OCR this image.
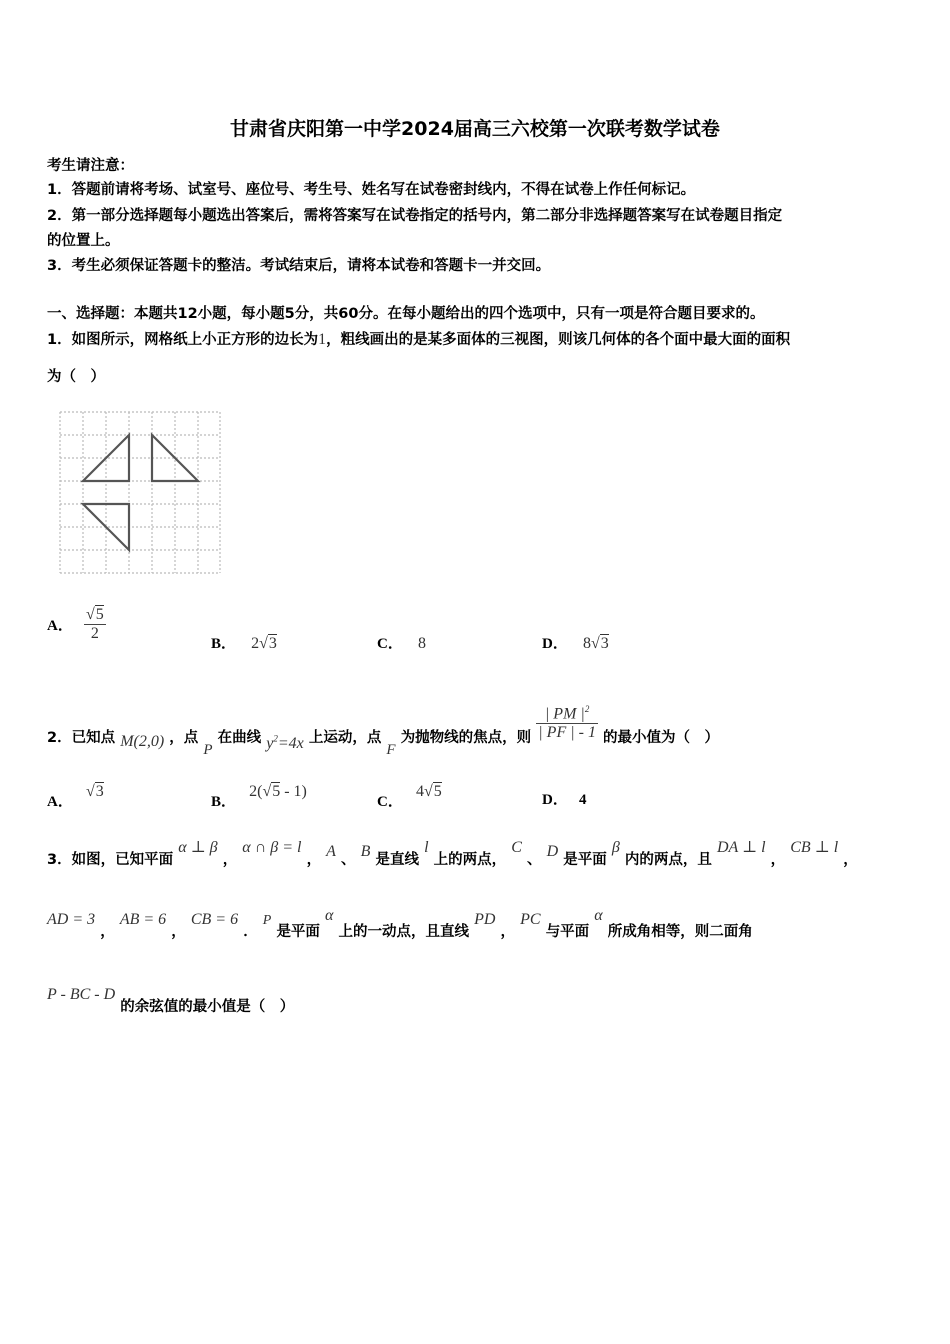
甘肃省庆阳第一中学2024届高三六校第一次联考数学试卷
考生请注意：
1．答题前请将考场、试室号、座位号、考生号、姓名写在试卷密封线内，不得在试卷上作任何标记。
2．第一部分选择题每小题选出答案后，需将答案写在试卷指定的括号内，第二部分非选择题答案写在试卷题目指定
的位置上。
3．考生必须保证答题卡的整洁。考试结束后，请将本试卷和答题卡一并交回。
一、选择题：本题共12小题，每小题5分，共60分。在每小题给出的四个选项中，只有一项是符合题目要求的。
1．如图所示，网格纸上小正方形的边长为1，粗线画出的是某多面体的三视图，则该几何体的各个面中最大面的面积
为（　）
A． $\frac{√5}{2}$
B． 2√3	C． 8	D． 8√3
2．已知点 M(2,0) ，点 P 在曲线 $y^2=4x$ 上运动，点 F 为抛物线的焦点，则 $\frac{| PM |^2}{| PF | - 1}$ 的最小值为（　）
A． √3
B． 2(√5 - 1)
C． 4√5	D． 4
3．如图，已知平面 α ⊥ β ， α ∩ β = l ， A 、 B 是直线 l 上的两点， C 、 D 是平面 β 内的两点，且 DA ⊥ l ， CB ⊥ l ，
AD = 3 ， AB = 6 ， CB = 6 ． P 是平面 α 上的一动点，且直线 PD ， PC 与平面 α 所成角相等，则二面角
P - BC - D 的余弦值的最小值是（　）
